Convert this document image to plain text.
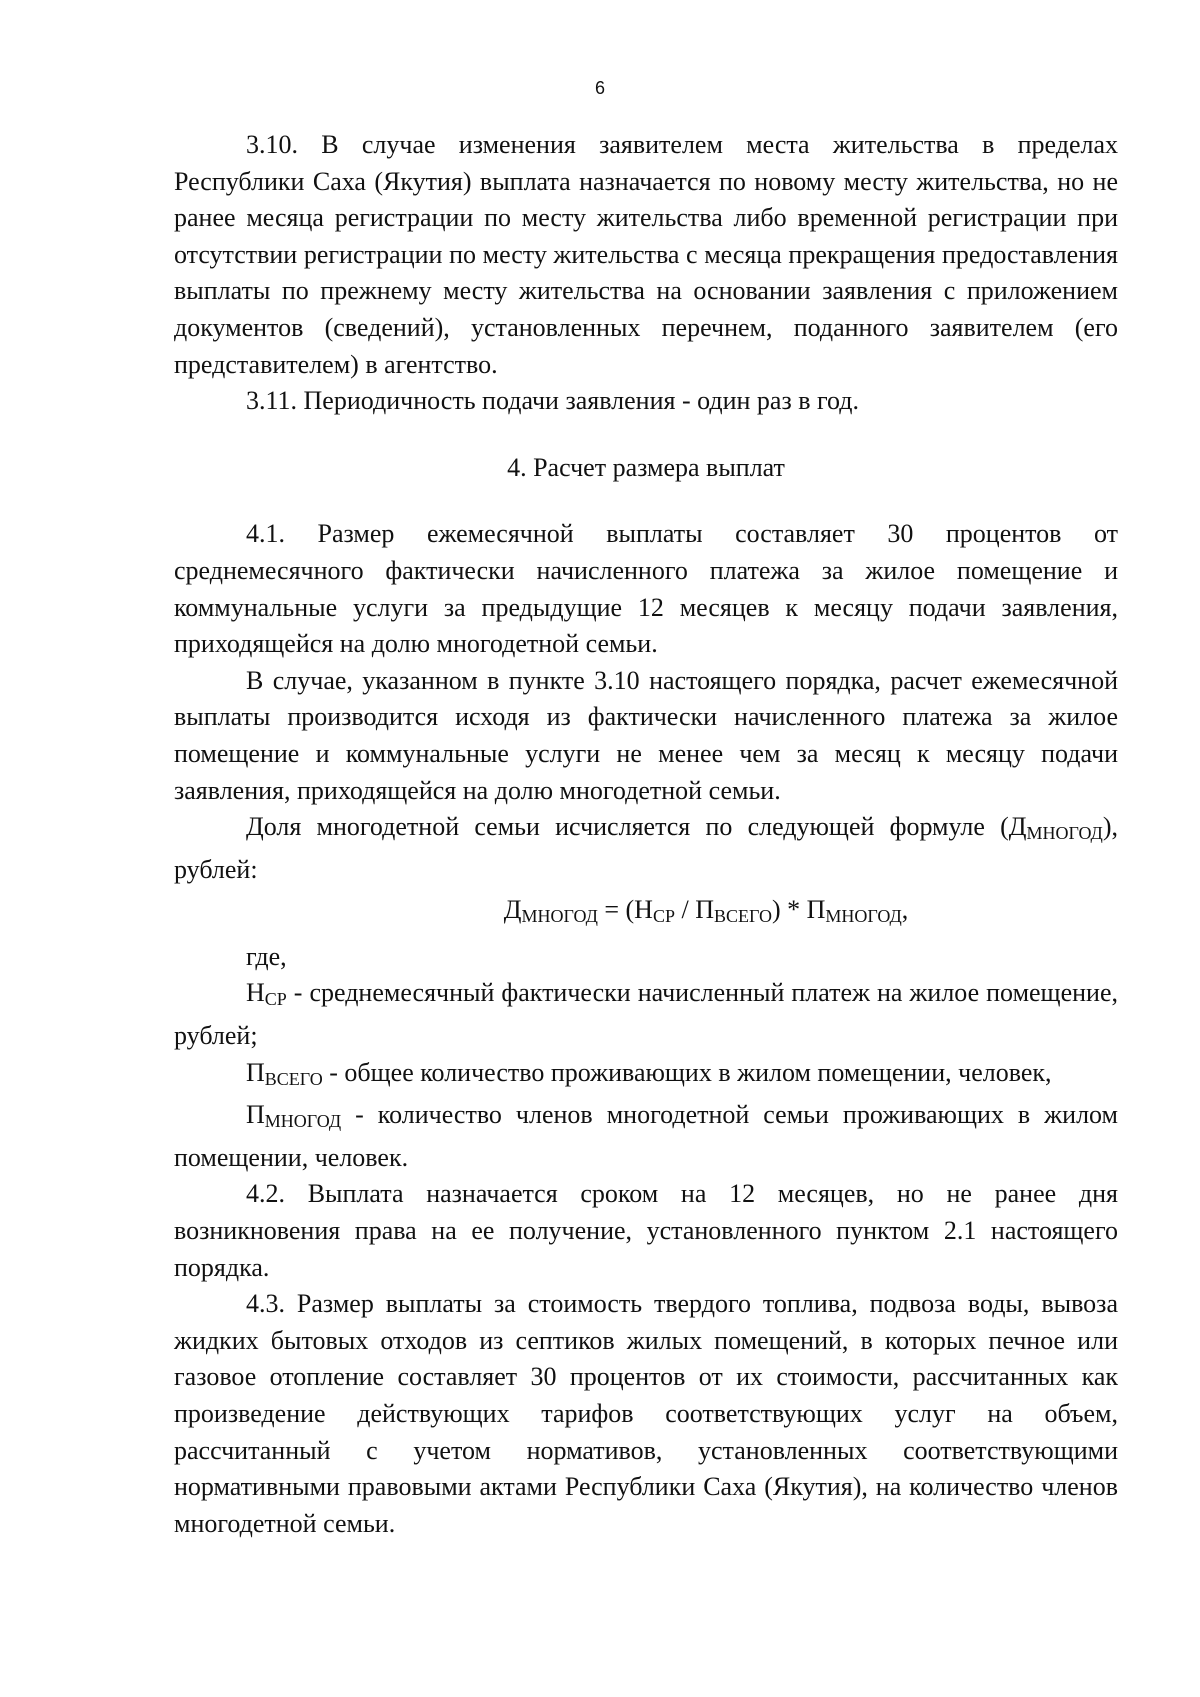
6

3.10. В случае изменения заявителем места жительства в пределах Республики Саха (Якутия) выплата назначается по новому месту жительства, но не ранее месяца регистрации по месту жительства либо временной регистрации при отсутствии регистрации по месту жительства с месяца прекращения предоставления выплаты по прежнему месту жительства на основании заявления с приложением документов (сведений), установленных перечнем, поданного заявителем (его представителем) в агентство.

3.11. Периодичность подачи заявления - один раз в год.

4. Расчет размера выплат

4.1. Размер ежемесячной выплаты составляет 30 процентов от среднемесячного фактически начисленного платежа за жилое помещение и коммунальные услуги за предыдущие 12 месяцев к месяцу подачи заявления, приходящейся на долю многодетной семьи.

В случае, указанном в пункте 3.10 настоящего порядка, расчет ежемесячной выплаты производится исходя из фактически начисленного платежа за жилое помещение и коммунальные услуги не менее чем за месяц к месяцу подачи заявления, приходящейся на долю многодетной семьи.

Доля многодетной семьи исчисляется по следующей формуле $(Д_{МНОГОД})$, рублей:

$Д_{МНОГОД} = (Н_{СР} / П_{ВСЕГО}) * П_{МНОГОД}$,

где,

$Н_{СР}$ - среднемесячный фактически начисленный платеж на жилое помещение, рублей;

$П_{ВСЕГО}$ - общее количество проживающих в жилом помещении, человек,

$П_{МНОГОД}$ - количество членов многодетной семьи проживающих в жилом помещении, человек.

4.2. Выплата назначается сроком на 12 месяцев, но не ранее дня возникновения права на ее получение, установленного пунктом 2.1 настоящего порядка.

4.3. Размер выплаты за стоимость твердого топлива, подвоза воды, вывоза жидких бытовых отходов из септиков жилых помещений, в которых печное или газовое отопление составляет 30 процентов от их стоимости, рассчитанных как произведение действующих тарифов соответствующих услуг на объем, рассчитанный с учетом нормативов, установленных соответствующими нормативными правовыми актами Республики Саха (Якутия), на количество членов многодетной семьи.
